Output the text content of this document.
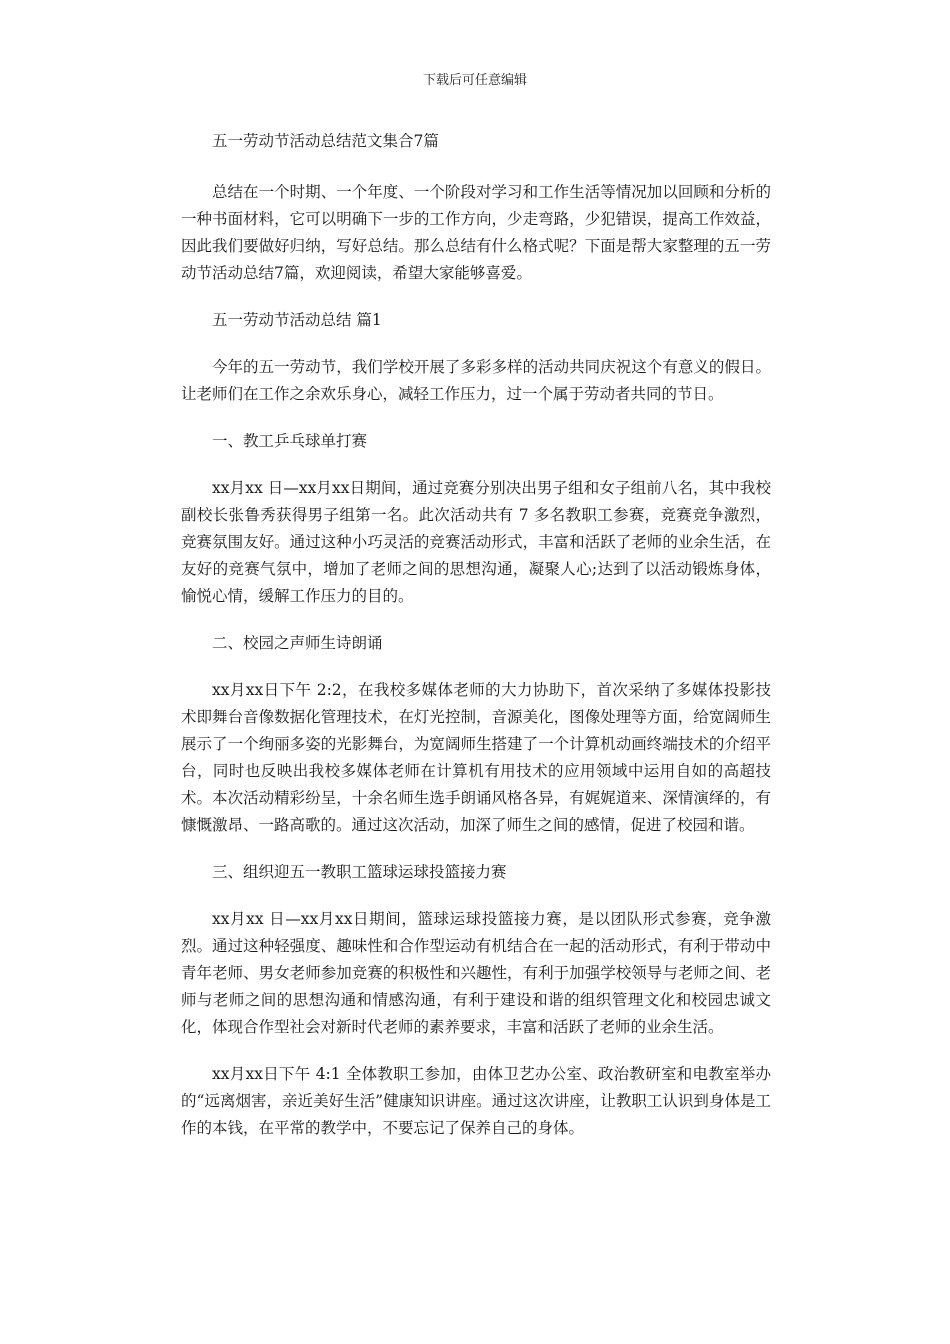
下载后可任意编辑

五一劳动节活动总结范文集合7篇

总结在一个时期、一个年度、一个阶段对学习和工作生活等情况加以回顾和分析的一种书面材料，它可以明确下一步的工作方向，少走弯路，少犯错误，提高工作效益，因此我们要做好归纳，写好总结。那么总结有什么格式呢？下面是帮大家整理的五一劳动节活动总结7篇，欢迎阅读，希望大家能够喜爱。

五一劳动节活动总结 篇1

今年的五一劳动节，我们学校开展了多彩多样的活动共同庆祝这个有意义的假日。让老师们在工作之余欢乐身心，减轻工作压力，过一个属于劳动者共同的节日。

一、教工乒乓球单打赛

xx月xx 日—xx月xx日期间，通过竞赛分别决出男子组和女子组前八名，其中我校副校长张鲁秀获得男子组第一名。此次活动共有 7 多名教职工参赛，竞赛竞争激烈，竞赛氛围友好。通过这种小巧灵活的竞赛活动形式，丰富和活跃了老师的业余生活，在友好的竞赛气氛中，增加了老师之间的思想沟通，凝聚人心;达到了以活动锻炼身体，愉悦心情，缓解工作压力的目的。

二、校园之声师生诗朗诵

xx月xx日下午 2:2，在我校多媒体老师的大力协助下，首次采纳了多媒体投影技术即舞台音像数据化管理技术，在灯光控制，音源美化，图像处理等方面，给宽阔师生展示了一个绚丽多姿的光影舞台，为宽阔师生搭建了一个计算机动画终端技术的介绍平台，同时也反映出我校多媒体老师在计算机有用技术的应用领域中运用自如的高超技术。本次活动精彩纷呈，十余名师生选手朗诵风格各异，有娓娓道来、深情演绎的，有慷慨激昂、一路高歌的。通过这次活动，加深了师生之间的感情，促进了校园和谐。

三、组织迎五一教职工篮球运球投篮接力赛

xx月xx 日—xx月xx日期间，篮球运球投篮接力赛，是以团队形式参赛，竞争激烈。通过这种轻强度、趣味性和合作型运动有机结合在一起的活动形式，有利于带动中青年老师、男女老师参加竞赛的积极性和兴趣性，有利于加强学校领导与老师之间、老师与老师之间的思想沟通和情感沟通，有利于建设和谐的组织管理文化和校园忠诚文化，体现合作型社会对新时代老师的素养要求，丰富和活跃了老师的业余生活。

xx月xx日下午 4:1 全体教职工参加，由体卫艺办公室、政治教研室和电教室举办的“远离烟害，亲近美好生活”健康知识讲座。通过这次讲座，让教职工认识到身体是工作的本钱，在平常的教学中，不要忘记了保养自己的身体。
